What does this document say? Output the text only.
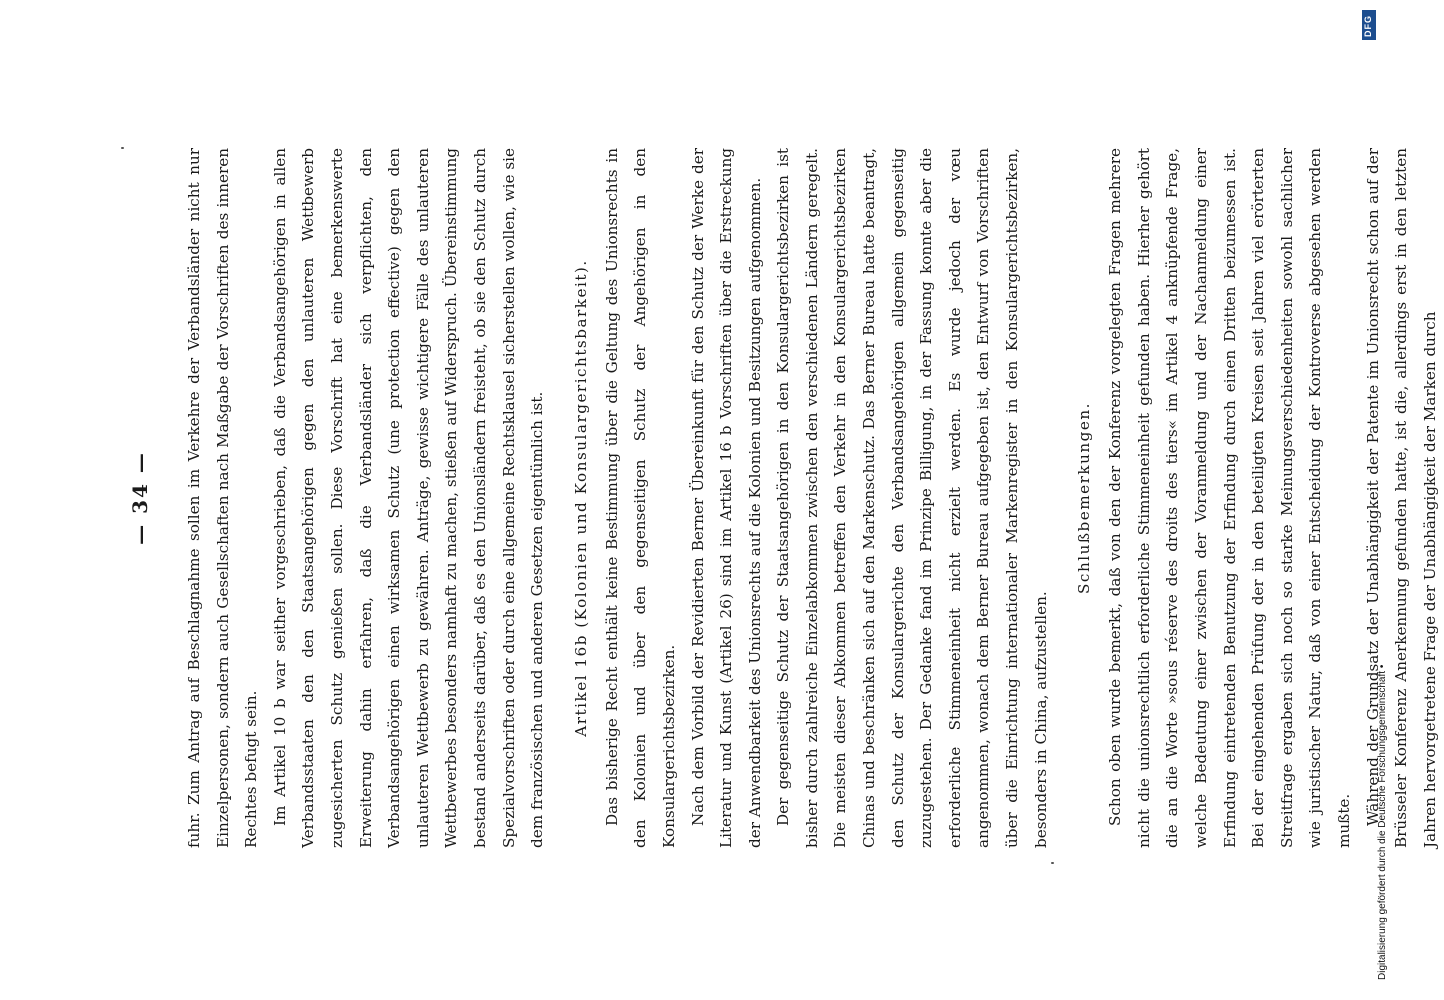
— 34 —	fuhr. Zum Antrag auf Beschlagnahme sollen im Verkehre der Verbandsländer nicht nur Einzelpersonen, sondern auch Gesellschaften nach Maßgabe der Vorschriften des inneren Rechtes befugt sein. Im Artikel 10 b war seither vorgeschrieben, daß die Verbandsangehörigen in allen Verbandsstaaten den den Staatsangehörigen gegen den unlauteren Wettbewerb zugesicherten Schutz genießen sollen. Diese Vorschrift hat eine bemerkenswerte Erweiterung dahin erfahren, daß die Verbandsländer sich verpflichten, den Verbandsangehörigen einen wirksamen Schutz (une protection effective) gegen den unlauteren Wettbewerb zu gewähren. Anträge, gewisse wichtigere Fälle des unlauteren Wettbewerbes besonders namhaft zu machen, stießen auf Widerspruch. Übereinstimmung bestand anderseits darüber, daß es den Unionsländern freisteht, ob sie den Schutz durch Spezialvorschriften oder durch eine allgemeine Rechtsklausel sicherstellen wollen, wie sie dem französischen und anderen Gesetzen eigentümlich ist.	Artikel 16b (Kolonien und Konsulargerichtsbarkeit). Das bisherige Recht enthält keine Bestimmung über die Geltung des Unionsrechts in den Kolonien und über den gegenseitigen Schutz der Angehörigen in den Konsulargerichtsbezirken. Nach dem Vorbild der Revidierten Berner Übereinkunft für den Schutz der Werke der Literatur und Kunst (Artikel 26) sind im Artikel 16 b Vorschriften über die Erstreckung der Anwendbarkeit des Unionsrechts auf die Kolonien und Besitzungen aufgenommen. Der gegenseitige Schutz der Staatsangehörigen in den Konsulargerichtsbezirken ist bisher durch zahlreiche Einzelabkommen zwischen den verschiedenen Ländern geregelt. Die meisten dieser Abkommen betreffen den Verkehr in den Konsulargerichtsbezirken Chinas und beschränken sich auf den Markenschutz. Das Berner Bureau hatte beantragt, den Schutz der Konsulargerichte den Verbandsangehörigen allgemein gegenseitig zuzugestehen. Der Gedanke fand im Prinzipe Billigung, in der Fassung konnte aber die erforderliche Stimmeneinheit nicht erzielt werden. Es wurde jedoch der vœu angenommen, wonach dem Berner Bureau aufgegeben ist, den Entwurf von Vorschriften über die Einrichtung internationaler Markenregister in den Konsulargerichtsbezirken, besonders in China, aufzustellen.

Schlußbemerkungen. Schon oben wurde bemerkt, daß von den der Konferenz vorgelegten Fragen mehrere nicht die unionsrechtlich erforderliche Stimmeneinheit gefunden haben. Hierher gehört die an die Worte »sous réserve des droits des tiers« im Artikel 4 anknüpfende Frage, welche Bedeutung einer zwischen der Voranmeldung und der Nachanmeldung einer Erfindung eintretenden Benutzung der Erfindung durch einen Dritten beizumessen ist. Bei der eingehenden Prüfung der in den beteiligten Kreisen seit Jahren viel erörterten Streitfrage ergaben sich noch so starke Meinungsverschiedenheiten sowohl sachlicher wie juristischer Natur, daß von einer Entscheidung der Kontroverse abgesehen werden mußte. Während der Grundsatz der Unabhängigkeit der Patente im Unionsrecht schon auf der Brüsseler Konferenz Anerkennung gefunden hatte, ist die, allerdings erst in den letzten Jahren hervorgetretene Frage der Unabhängigkeit der Marken durch

DFG
Digitalisierung gefördert durch die Deutsche Forschungsgemeinschaft •
